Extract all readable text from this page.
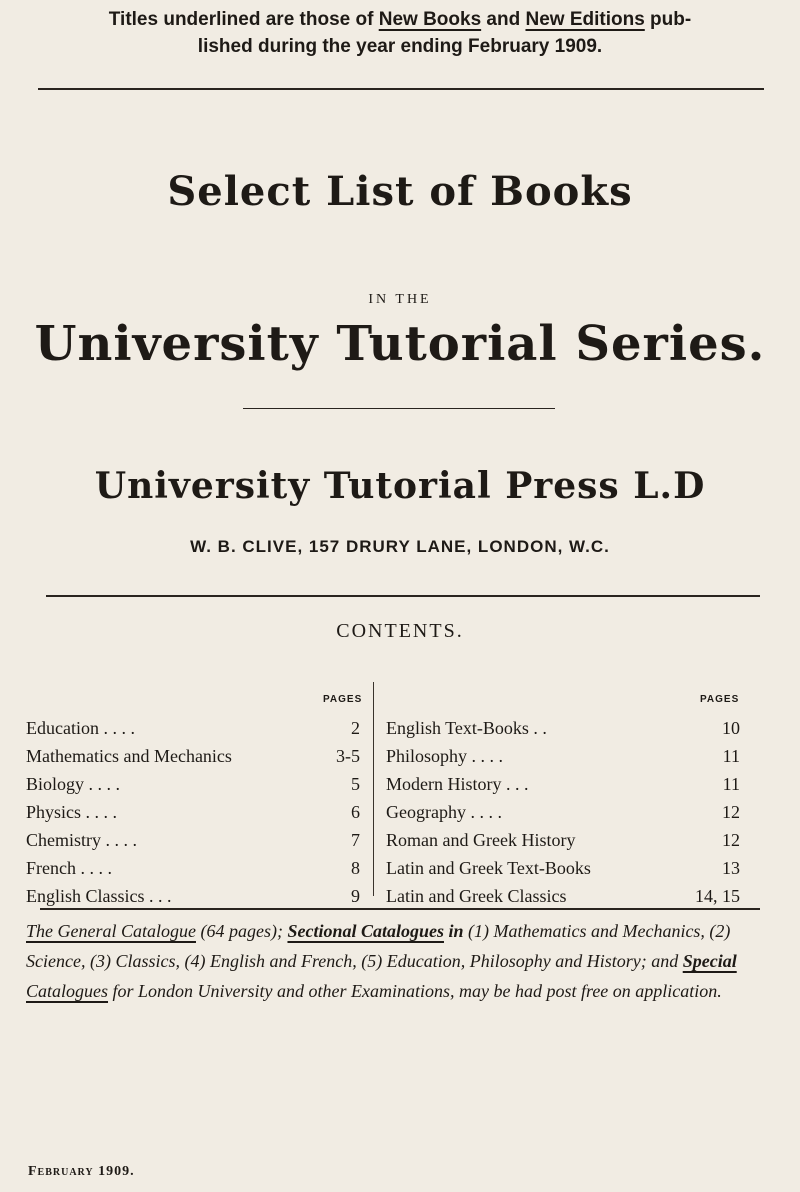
Titles underlined are those of New Books and New Editions pub-
lished during the year ending February 1909.
Select List of Books
IN THE
University Tutorial Series.
University Tutorial Press L.D
W. B. CLIVE, 157 DRURY LANE, LONDON, W.C.
CONTENTS.
PAGES	PAGES
Education . . . .	2
Mathematics and Mechanics	3-5
Biology . . . .	5
Physics . . . .	6
Chemistry . . . .	7
French . . . .	8
English Classics . . .	9
English Text-Books . .	10
Philosophy . . . .	11
Modern History . . .	11
Geography . . . .	12
Roman and Greek History	12
Latin and Greek Text-Books	13
Latin and Greek Classics	14, 15
The General Catalogue (64 pages); Sectional Catalogues in (1) Mathematics and Mechanics, (2) Science, (3) Classics, (4) English and French, (5) Education, Philosophy and History; and Special Catalogues for London University and other Examinations, may be had post free on application.
February 1909.
